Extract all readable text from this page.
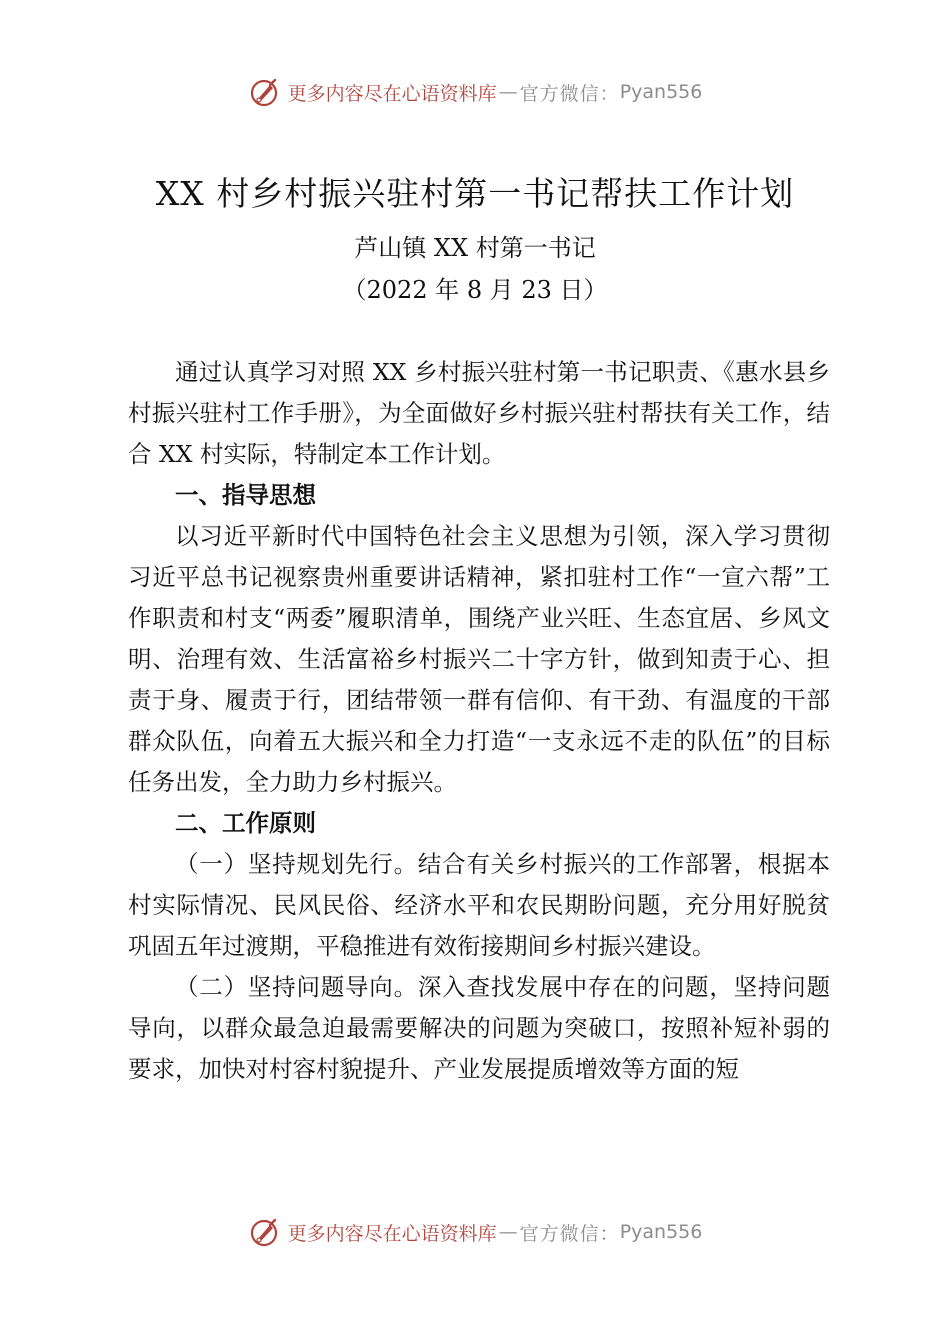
更多内容尽在心语资料库 — 官方微信： Pyan556
XX 村乡村振兴驻村第一书记帮扶工作计划
芦山镇 XX 村第一书记
（2022 年 8 月 23 日）

通过认真学习对照 XX 乡村振兴驻村第一书记职责、《惠水县乡村振兴驻村工作手册》，为全面做好乡村振兴驻村帮扶有关工作，结合 XX 村实际，特制定本工作计划。

一、指导思想

以习近平新时代中国特色社会主义思想为引领，深入学习贯彻习近平总书记视察贵州重要讲话精神，紧扣驻村工作“一宣六帮”工作职责和村支“两委”履职清单，围绕产业兴旺、生态宜居、乡风文明、治理有效、生活富裕乡村振兴二十字方针，做到知责于心、担责于身、履责于行，团结带领一群有信仰、有干劲、有温度的干部群众队伍，向着五大振兴和全力打造“一支永远不走的队伍”的目标任务出发，全力助力乡村振兴。

二、工作原则

（一）坚持规划先行。结合有关乡村振兴的工作部署，根据本村实际情况、民风民俗、经济水平和农民期盼问题，充分用好脱贫巩固五年过渡期，平稳推进有效衔接期间乡村振兴建设。

（二）坚持问题导向。深入查找发展中存在的问题，坚持问题导向，以群众最急迫最需要解决的问题为突破口，按照补短补弱的要求，加快对村容村貌提升、产业发展提质增效等方面的短

更多内容尽在心语资料库 — 官方微信： Pyan556
